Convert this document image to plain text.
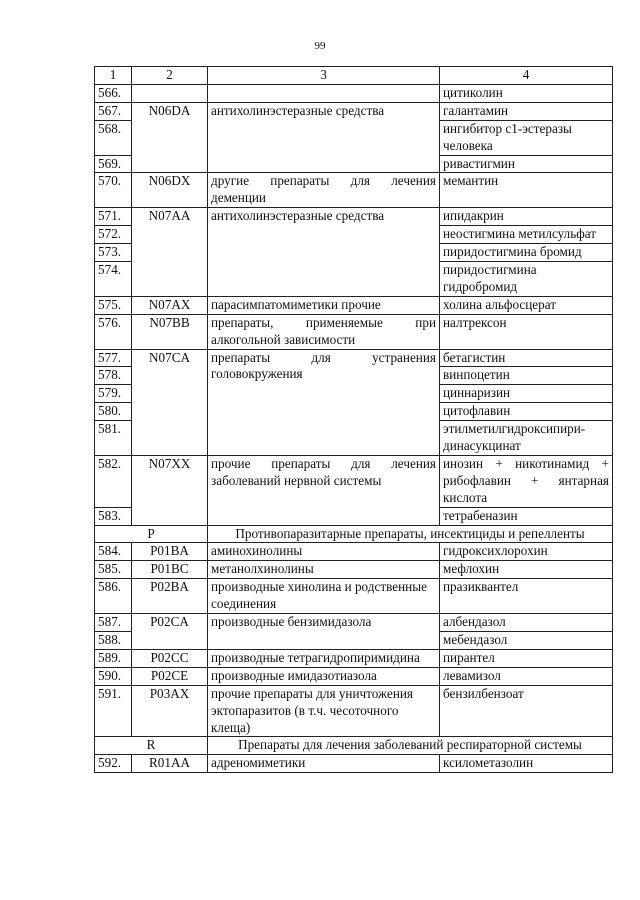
99
1	2	3	4
566.			цитиколин
567.	N06DA	антихолинэстеразные средства	галантамин
568.			ингибитор с1-эстеразы человека

569.			ривастигмин
570.	N06DX	другие препараты для лечения деменции	мемантин

571.	N07AA	антихолинэстеразные средства	ипидакрин
572.			неостигмина метилсульфат

573.			пиридостигмина бромид
574.			пиридостигмина гидробромид

575.	N07AX	парасимпатомиметики прочие	холина альфосцерат
576.	N07BB	препараты, применяемые при алкогольной зависимости	налтрексон

577.	N07CA	препараты для устранения головокружения	бетагистин
578.			винпоцетин
579.			циннаризин
580.			цитофлавин
581.			этилметилгидроксипири-динасукцинат

582.	N07XX	прочие препараты для лечения заболеваний нервной системы	инозин + никотинамид + рибофлавин + янтарная кислота

583.			тетрабеназин
P		Противопаразитарные препараты, инсектициды и репелленты	

584.	P01BA	аминохинолины	гидроксихлорохин
585.	P01BC	метанолхинолины	мефлохин
586.	P02BA	производные хинолина и родственные соединения	празиквантел

587.	P02CA	производные бензимидазола	албендазол
588.			мебендазол
589.	P02CC	производные тетрагидропиримидина	пирантел

590.	P02CE	производные имидазотиазола	левамизол
591.	P03AX	прочие препараты для уничтожения эктопаразитов (в т.ч. чесоточного клеща)	бензилбензоат

R		Препараты для лечения заболеваний респираторной системы	
592.	R01AA	адреномиметики	ксилометазолин
